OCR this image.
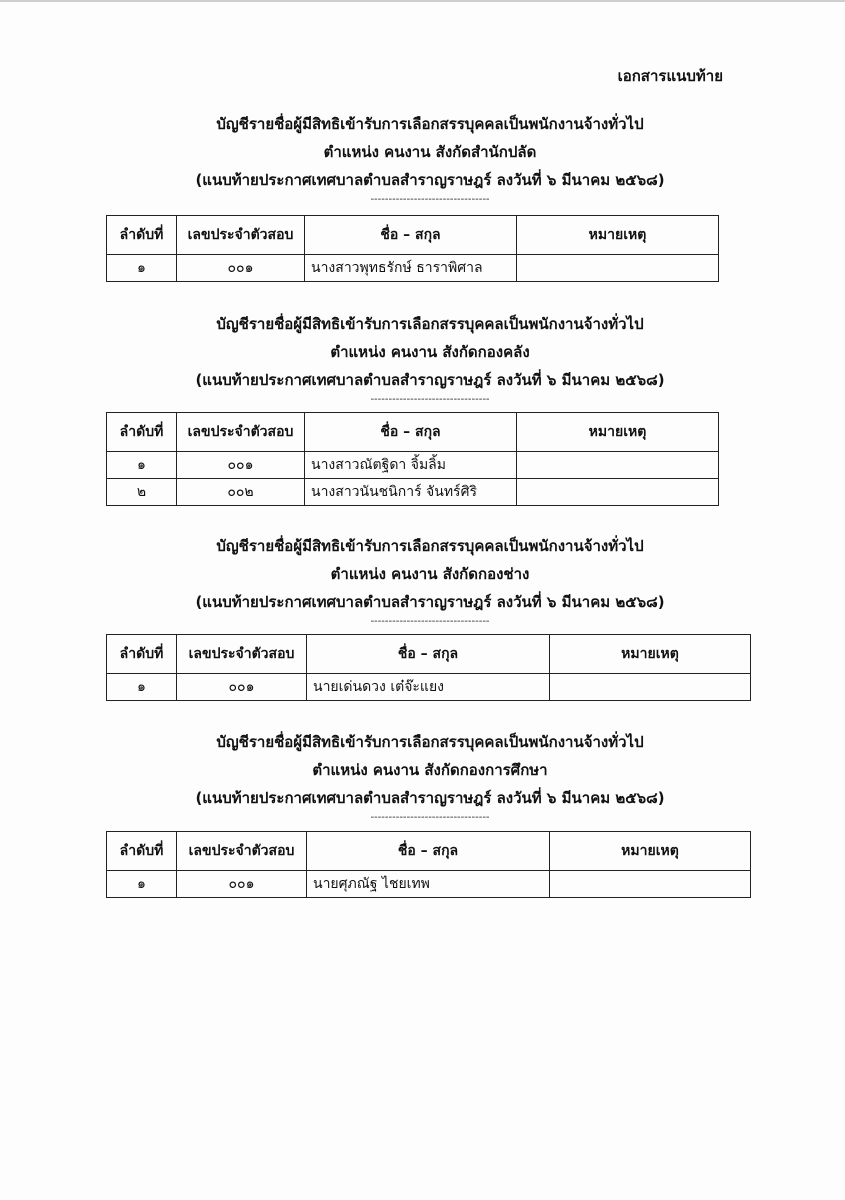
เอกสารแนบท้าย
บัญชีรายชื่อผู้มีสิทธิเข้ารับการเลือกสรรบุคคลเป็นพนักงานจ้างทั่วไป
ตำแหน่ง คนงาน สังกัดสำนักปลัด
(แนบท้ายประกาศเทศบาลตำบลสำราญราษฎร์ ลงวันที่ ๖ มีนาคม ๒๕๖๘)
---------------------------------
ลำดับที่	เลขประจำตัวสอบ	ชื่อ – สกุล	หมายเหตุ
๑	๐๐๑	นางสาวพุทธรักษ์ ธาราพิศาล	
บัญชีรายชื่อผู้มีสิทธิเข้ารับการเลือกสรรบุคคลเป็นพนักงานจ้างทั่วไป
ตำแหน่ง คนงาน สังกัดกองคลัง
(แนบท้ายประกาศเทศบาลตำบลสำราญราษฎร์ ลงวันที่ ๖ มีนาคม ๒๕๖๘)
---------------------------------
ลำดับที่	เลขประจำตัวสอบ	ชื่อ – สกุล	หมายเหตุ
๑	๐๐๑	นางสาวณัตฐิดา จิ้มลิ้ม	
๒	๐๐๒	นางสาวนันชนิการ์ จันทร์ศิริ	
บัญชีรายชื่อผู้มีสิทธิเข้ารับการเลือกสรรบุคคลเป็นพนักงานจ้างทั่วไป
ตำแหน่ง คนงาน สังกัดกองช่าง
(แนบท้ายประกาศเทศบาลตำบลสำราญราษฎร์ ลงวันที่ ๖ มีนาคม ๒๕๖๘)
---------------------------------
ลำดับที่	เลขประจำตัวสอบ	ชื่อ – สกุล	หมายเหตุ
๑	๐๐๑	นายเด่นดวง เต๋จ๊ะแยง	
บัญชีรายชื่อผู้มีสิทธิเข้ารับการเลือกสรรบุคคลเป็นพนักงานจ้างทั่วไป
ตำแหน่ง คนงาน สังกัดกองการศึกษา
(แนบท้ายประกาศเทศบาลตำบลสำราญราษฎร์ ลงวันที่ ๖ มีนาคม ๒๕๖๘)
---------------------------------
ลำดับที่	เลขประจำตัวสอบ	ชื่อ – สกุล	หมายเหตุ
๑	๐๐๑	นายศุภณัฐ ไชยเทพ	
